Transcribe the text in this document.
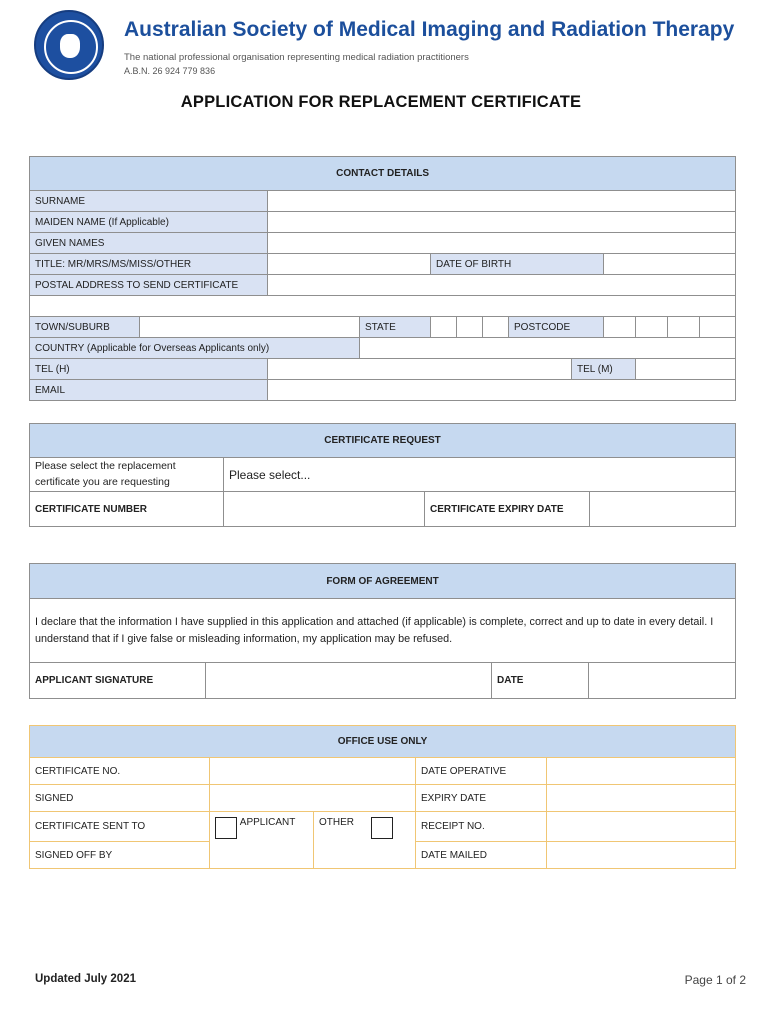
Australian Society of Medical Imaging and Radiation Therapy
The national professional organisation representing medical radiation practitioners
A.B.N. 26 924 779 836
APPLICATION FOR REPLACEMENT CERTIFICATE
CONTACT DETAILS												
SURNAME												
MAIDEN NAME (If Applicable)												
GIVEN NAMES												
TITLE: MR/MRS/MS/MISS/OTHER				DATE OF BIRTH								
POSTAL ADDRESS TO SEND CERTIFICATE												

TOWN/SUBURB			STATE				POSTCODE					
COUNTRY (Applicable for Overseas Applicants only)												
TEL (H)								TEL (M)				
EMAIL												
CERTIFICATE REQUEST			
Please select the replacement certificate you are requesting	Please select...		
CERTIFICATE NUMBER		CERTIFICATE EXPIRY DATE	
FORM OF AGREEMENT
I declare that the information I have supplied in this application and attached (if applicable) is complete, correct and up to date in every detail. I understand that if I give false or misleading information, my application may be refused.
APPLICANT SIGNATURE		DATE	
OFFICE USE ONLY				
CERTIFICATE NO.			DATE OPERATIVE	
SIGNED			EXPIRY DATE	
CERTIFICATE SENT TO	APPLICANT	OTHER	RECEIPT NO.	
SIGNED OFF BY			DATE MAILED	
Updated July 2021	Page 1 of 2
